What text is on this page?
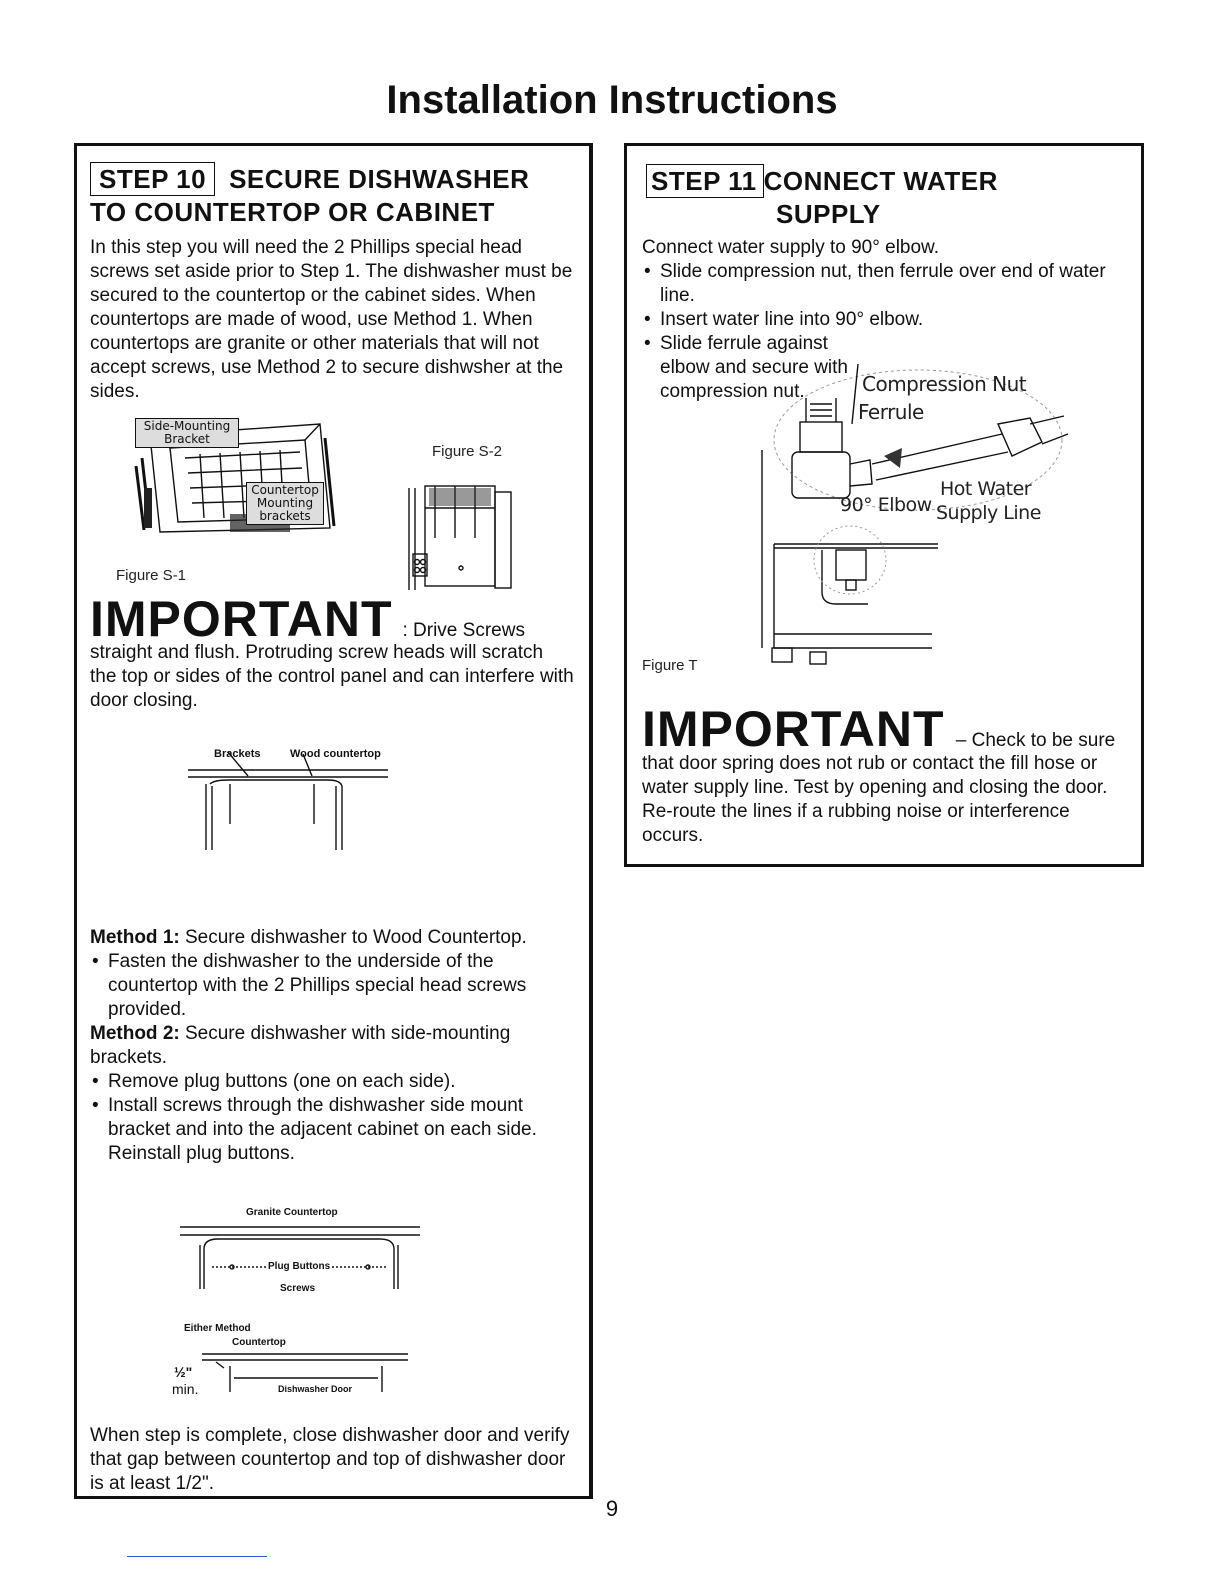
Installation Instructions
STEP 10 SECURE DISHWASHER
TO COUNTERTOP OR CABINET
In this step you will need the 2 Phillips special head screws set aside prior to Step 1. The dishwasher must be secured to the countertop or the cabinet sides. When countertops are made of wood, use Method 1. When countertops are granite or other materials that will not accept screws, use Method 2 to secure dishwsher at the sides.
Side-Mounting Bracket
Countertop Mounting brackets
Figure S-1
Figure S-2
IMPORTANT : Drive Screws
straight and flush. Protruding screw heads will scratch the top or sides of the control panel and can interfere with door closing.
Brackets	Wood countertop

Method 1: Secure dishwasher to Wood Countertop.

• Fasten the dishwasher to the underside of the countertop with the 2 Phillips special head screws provided.

Method 2: Secure dishwasher with side-mounting brackets.

• Remove plug buttons (one on each side).
• Install screws through the dishwasher side mount bracket and into the adjacent cabinet on each side. Reinstall plug buttons.
Granite Countertop
Plug Buttons
Screws
Either Method
Countertop
½"
min.	Dishwasher Door
When step is complete, close dishwasher door and verify that gap between countertop and top of dishwasher door is at least 1/2".
STEP 11 CONNECT WATER
SUPPLY

Connect water supply to 90° elbow.

• Slide compression nut, then ferrule over end of water line.
• Insert water line into 90° elbow.
• Slide ferrule against elbow and secure with compression nut.	Compression Nut
Ferrule
Hot Water
Supply Line
90° Elbow
Figure T
IMPORTANT – Check to be sure
that door spring does not rub or contact the fill hose or water supply line. Test by opening and closing the door. Re-route the lines if a rubbing noise or interference occurs.
9
